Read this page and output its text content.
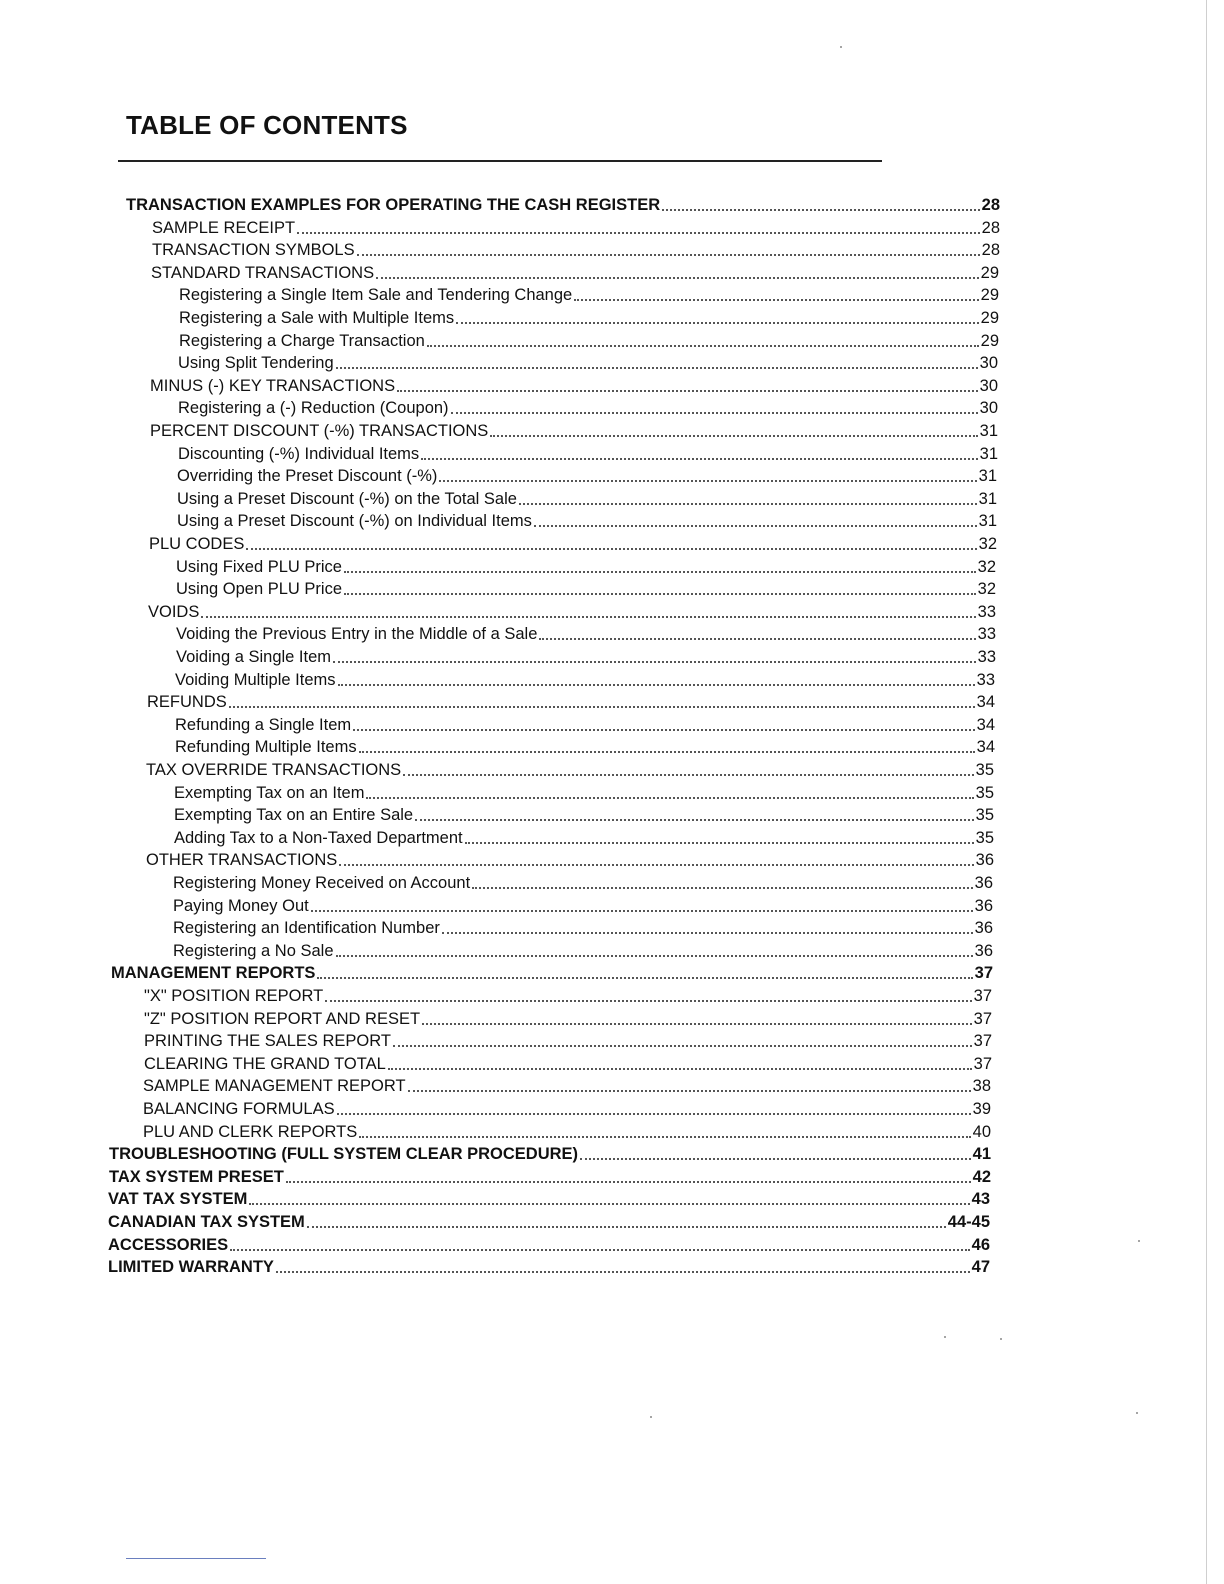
TABLE OF CONTENTS
TRANSACTION EXAMPLES FOR OPERATING THE CASH REGISTER	28
SAMPLE RECEIPT	28
TRANSACTION SYMBOLS	28
STANDARD TRANSACTIONS	29
Registering a Single Item Sale and Tendering Change	29
Registering a Sale with Multiple Items	29
Registering a Charge Transaction	29
Using Split Tendering	30
MINUS (-) KEY TRANSACTIONS	30
Registering a (-) Reduction (Coupon)	30
PERCENT DISCOUNT (-%) TRANSACTIONS	31
Discounting (-%) Individual Items	31
Overriding the Preset Discount (-%)	31
Using a Preset Discount (-%) on the Total Sale	31
Using a Preset Discount (-%) on Individual Items	31
PLU CODES	32
Using Fixed PLU Price	32
Using Open PLU Price	32
VOIDS	33
Voiding the Previous Entry in the Middle of a Sale	33
Voiding a Single Item	33
Voiding Multiple Items	33
REFUNDS	34
Refunding a Single Item	34
Refunding Multiple Items	34
TAX OVERRIDE TRANSACTIONS	35
Exempting Tax on an Item	35
Exempting Tax on an Entire Sale	35
Adding Tax to a Non-Taxed Department	35
OTHER TRANSACTIONS	36
Registering Money Received on Account	36
Paying Money Out	36
Registering an Identification Number	36
Registering a No Sale	36
MANAGEMENT REPORTS	37
"X" POSITION REPORT	37
"Z" POSITION REPORT AND RESET	37
PRINTING THE SALES REPORT	37
CLEARING THE GRAND TOTAL	37
SAMPLE MANAGEMENT REPORT	38
BALANCING FORMULAS	39
PLU AND CLERK REPORTS	40
TROUBLESHOOTING (FULL SYSTEM CLEAR PROCEDURE)	41
TAX SYSTEM PRESET	42
VAT TAX SYSTEM	43
CANADIAN TAX SYSTEM	44-45
ACCESSORIES	46
LIMITED WARRANTY	47
